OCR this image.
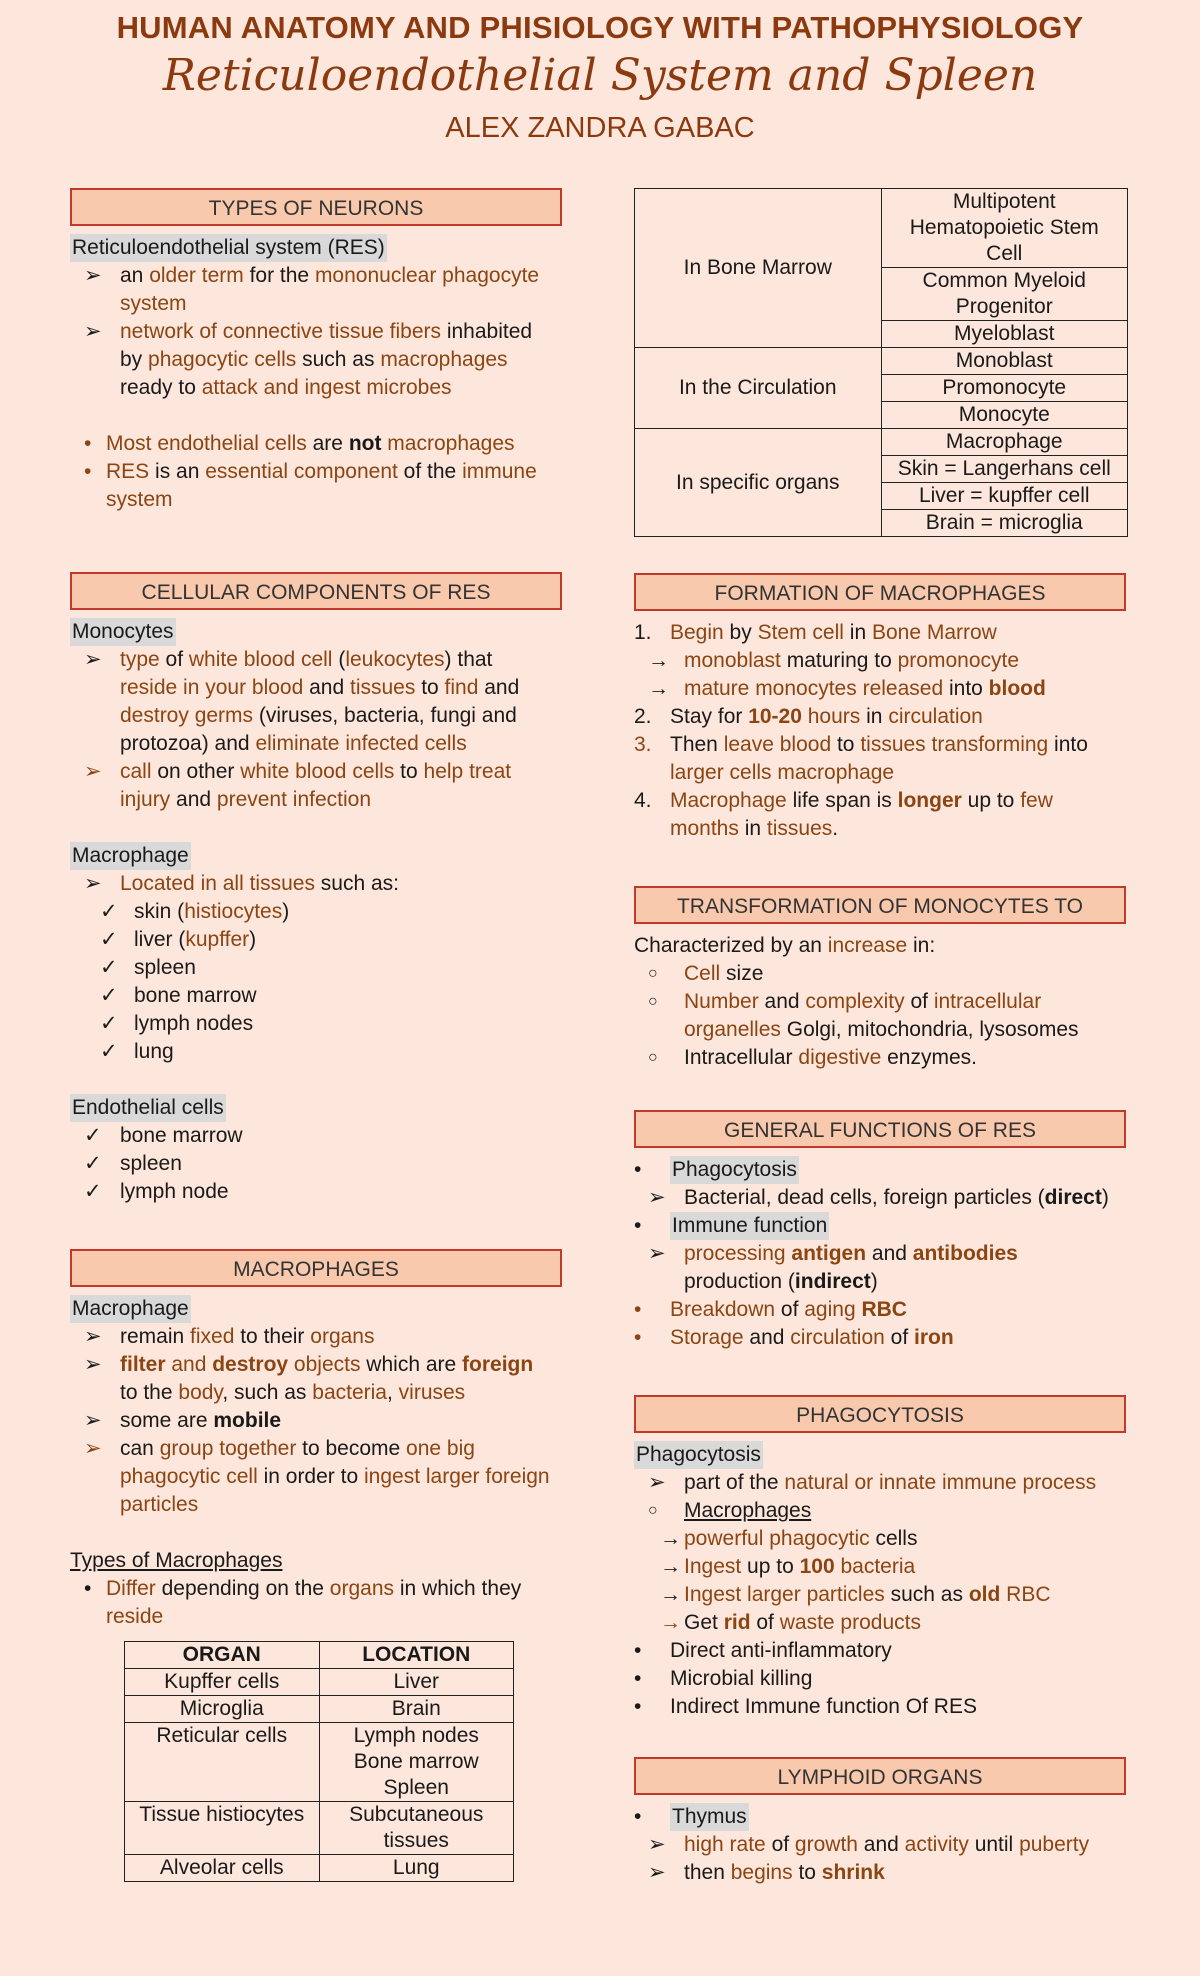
HUMAN ANATOMY AND PHISIOLOGY WITH PATHOPHYSIOLOGY
Reticuloendothelial System and Spleen
ALEX ZANDRA GABAC
TYPES OF NEURONS
Reticuloendothelial system (RES)
➢ an older term for the mononuclear phagocyte
system
➢ network of connective tissue fibers inhabited
by phagocytic cells such as macrophages
ready to attack and ingest microbes
• Most endothelial cells are not macrophages
• RES is an essential component of the immune
system
CELLULAR COMPONENTS OF RES
Monocytes
➢ type of white blood cell (leukocytes) that
reside in your blood and tissues to find and
destroy germs (viruses, bacteria, fungi and
protozoa) and eliminate infected cells
➢ call on other white blood cells to help treat
injury and prevent infection
Macrophage
➢ Located in all tissues such as:
✓ skin (histiocytes)
✓ liver (kupffer)
✓ spleen
✓ bone marrow
✓ lymph nodes
✓ lung
Endothelial cells
✓ bone marrow
✓ spleen
✓ lymph node
MACROPHAGES
Macrophage
➢ remain fixed to their organs
➢ filter and destroy objects which are foreign
to the body, such as bacteria, viruses
➢ some are mobile
➢ can group together to become one big
phagocytic cell in order to ingest larger foreign
particles
Types of Macrophages
• Differ depending on the organs in which they
reside
ORGAN	LOCATION
Kupffer cells	Liver
Microglia	Brain
Reticular cells	Lymph nodes
Bone marrow
Spleen

Tissue histiocytes	Subcutaneous
tissues

Alveolar cells	Lung
In Bone Marrow	Multipotent
Hematopoietic Stem
Cell

	Common Myeloid
Progenitor

	Myeloblast
In the Circulation	Monoblast
	Promonocyte
	Monocyte
In specific organs	Macrophage
	Skin = Langerhans cell
	Liver = kupffer cell
	Brain = microglia
FORMATION OF MACROPHAGES
1. Begin by Stem cell in Bone Marrow
→ monoblast maturing to promonocyte
→ mature monocytes released into blood
2. Stay for 10-20 hours in circulation
3. Then leave blood to tissues transforming into
larger cells macrophage
4. Macrophage life span is longer up to few
months in tissues.
TRANSFORMATION OF MONOCYTES TO
Characterized by an increase in:
○ Cell size
○ Number and complexity of intracellular
organelles Golgi, mitochondria, lysosomes
○ Intracellular digestive enzymes.
GENERAL FUNCTIONS OF RES
• Phagocytosis
➢ Bacterial, dead cells, foreign particles (direct)
• Immune function
➢ processing antigen and antibodies
production (indirect)
• Breakdown of aging RBC
• Storage and circulation of iron
PHAGOCYTOSIS
Phagocytosis
➢ part of the natural or innate immune process
○ Macrophages
→ powerful phagocytic cells
→ Ingest up to 100 bacteria
→ Ingest larger particles such as old RBC
→ Get rid of waste products
• Direct anti-inflammatory
• Microbial killing
• Indirect Immune function Of RES
LYMPHOID ORGANS
• Thymus
➢ high rate of growth and activity until puberty
➢ then begins to shrink
